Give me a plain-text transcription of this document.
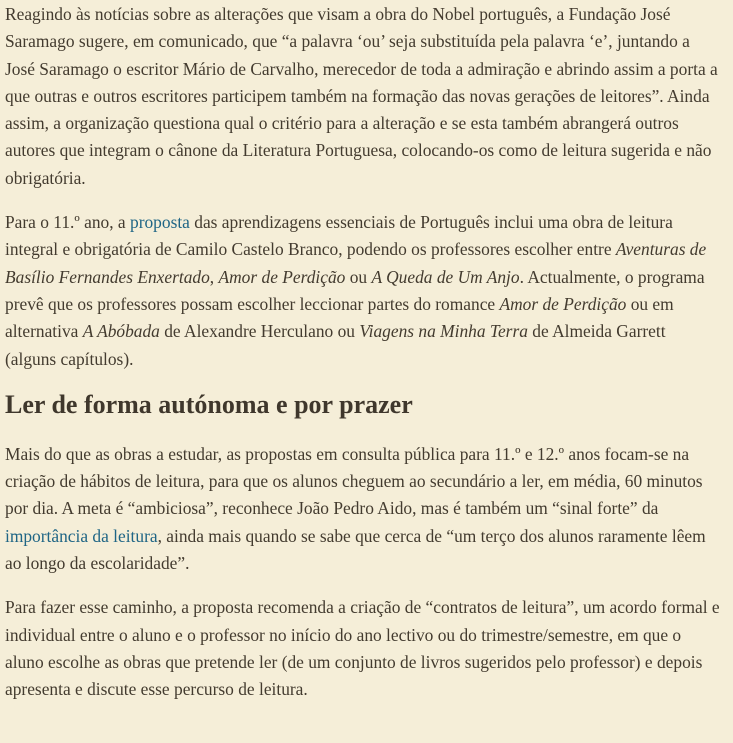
Reagindo às notícias sobre as alterações que visam a obra do Nobel português, a Fundação José Saramago sugere, em comunicado, que “a palavra ‘ou’ seja substituída pela palavra ‘e’, juntando a José Saramago o escritor Mário de Carvalho, merecedor de toda a admiração e abrindo assim a porta a que outras e outros escritores participem também na formação das novas gerações de leitores”. Ainda assim, a organização questiona qual o critério para a alteração e se esta também abrangerá outros autores que integram o cânone da Literatura Portuguesa, colocando-os como de leitura sugerida e não obrigatória.

Para o 11.º ano, a proposta das aprendizagens essenciais de Português inclui uma obra de leitura integral e obrigatória de Camilo Castelo Branco, podendo os professores escolher entre Aventuras de Basílio Fernandes Enxertado, Amor de Perdição ou A Queda de Um Anjo. Actualmente, o programa prevê que os professores possam escolher leccionar partes do romance Amor de Perdição ou em alternativa A Abóbada de Alexandre Herculano ou Viagens na Minha Terra de Almeida Garrett (alguns capítulos).

Ler de forma autónoma e por prazer

Mais do que as obras a estudar, as propostas em consulta pública para 11.º e 12.º anos focam-se na criação de hábitos de leitura, para que os alunos cheguem ao secundário a ler, em média, 60 minutos por dia. A meta é “ambiciosa”, reconhece João Pedro Aido, mas é também um “sinal forte” da importância da leitura, ainda mais quando se sabe que cerca de “um terço dos alunos raramente lêem ao longo da escolaridade”.

Para fazer esse caminho, a proposta recomenda a criação de “contratos de leitura”, um acordo formal e individual entre o aluno e o professor no início do ano lectivo ou do trimestre/semestre, em que o aluno escolhe as obras que pretende ler (de um conjunto de livros sugeridos pelo professor) e depois apresenta e discute esse percurso de leitura.
